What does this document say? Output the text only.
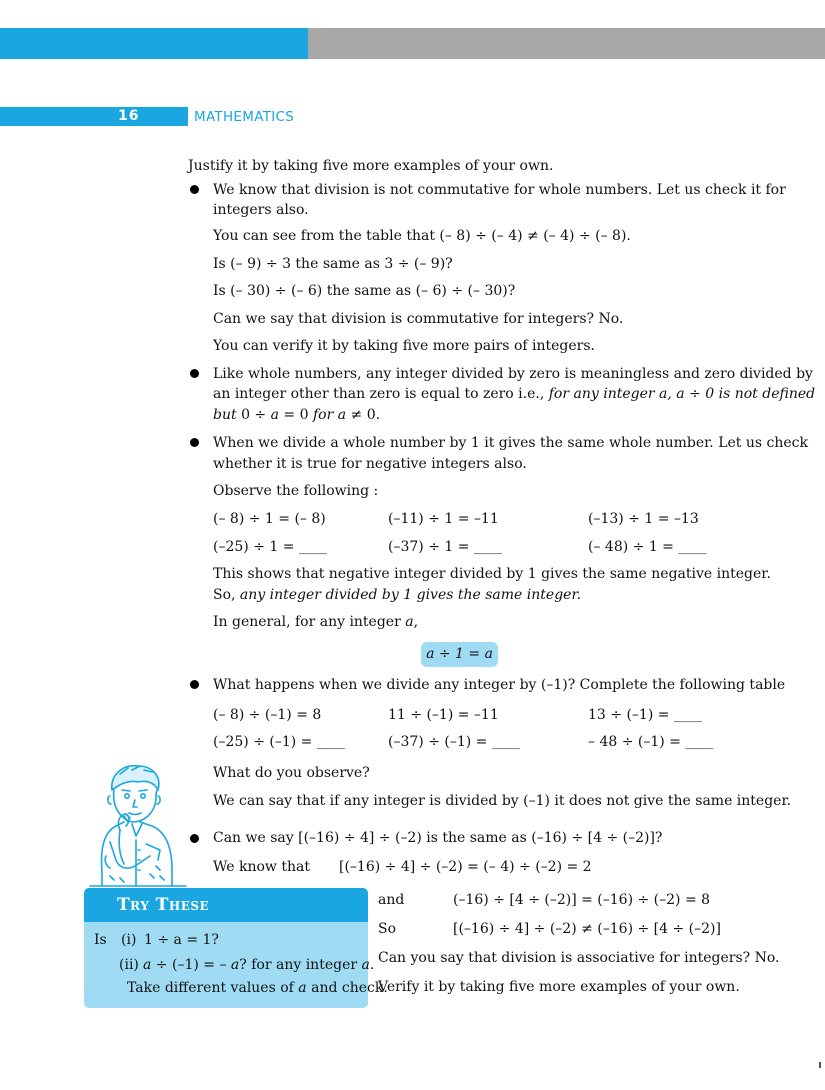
16	MATHEMATICS
Justify it by taking five more examples of your own.
We know that division is not commutative for whole numbers. Let us check it for
integers also.
You can see from the table that (– 8) ÷ (– 4) ≠ (– 4) ÷ (– 8).
Is (– 9) ÷ 3 the same as 3 ÷ (– 9)?
Is (– 30) ÷ (– 6) the same as (– 6) ÷ (– 30)?
Can we say that division is commutative for integers? No.
You can verify it by taking five more pairs of integers.
Like whole numbers, any integer divided by zero is meaningless and zero divided by
an integer other than zero is equal to zero i.e., for any integer a, a ÷ 0 is not defined
but 0 ÷ a = 0 for a ≠ 0.
When we divide a whole number by 1 it gives the same whole number. Let us check
whether it is true for negative integers also.
Observe the following :
(– 8) ÷ 1 = (– 8)	(–11) ÷ 1 = –11	(–13) ÷ 1 = –13
(–25) ÷ 1 = ____	(–37) ÷ 1 = ____	(– 48) ÷ 1 = ____
This shows that negative integer divided by 1 gives the same negative integer.
So, any integer divided by 1 gives the same integer.
In general, for any integer a,
a ÷ 1 = a
What happens when we divide any integer by (–1)? Complete the following table
(– 8) ÷ (–1) = 8	11 ÷ (–1) = –11	13 ÷ (–1) = ____
(–25) ÷ (–1) = ____	(–37) ÷ (–1) = ____	– 48 ÷ (–1) = ____
What do you observe?
We can say that if any integer is divided by (–1) it does not give the same integer.
Can we say [(–16) ÷ 4] ÷ (–2) is the same as (–16) ÷ [4 ÷ (–2)]?
We know that [(–16) ÷ 4] ÷ (–2) = (– 4) ÷ (–2) = 2
and	(–16) ÷ [4 ÷ (–2)] = (–16) ÷ (–2) = 8
So	[(–16) ÷ 4] ÷ (–2) ≠ (–16) ÷ [4 ÷ (–2)]
Can you say that division is associative for integers? No.
Verify it by taking five more examples of your own.
Try These
Is (i) 1 ÷ a = 1?
(ii) a ÷ (–1) = – a? for any integer a.
Take different values of a and check.
